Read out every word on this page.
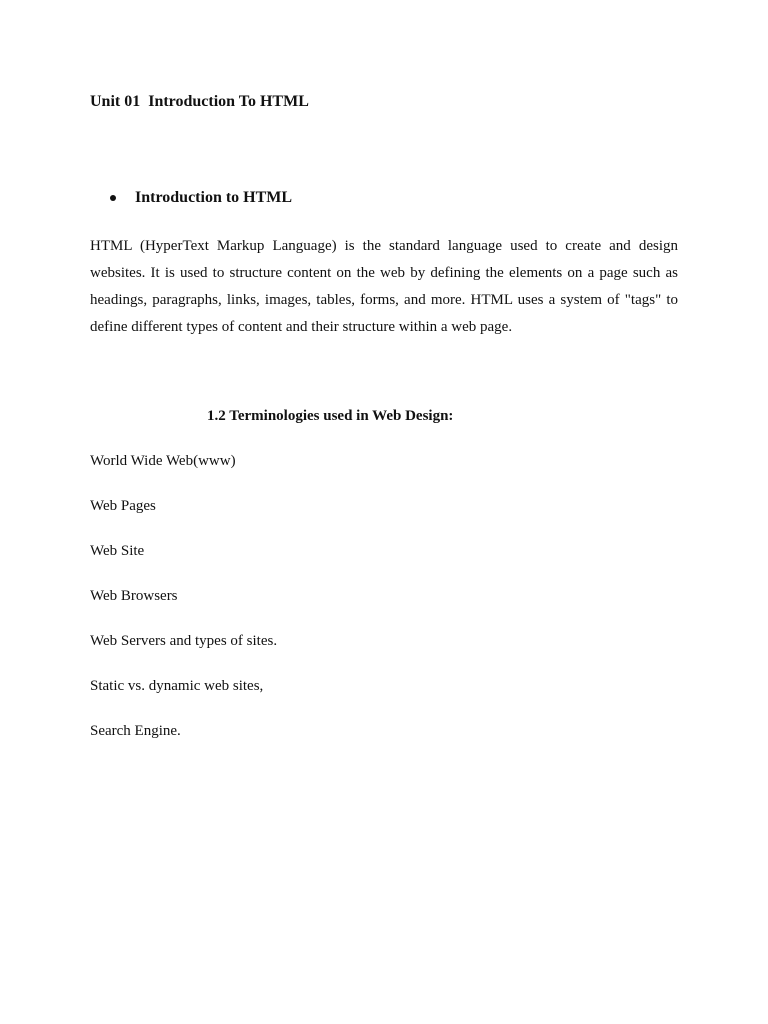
Unit 01  Introduction To HTML
Introduction to HTML

HTML (HyperText Markup Language) is the standard language used to create and design websites. It is used to structure content on the web by defining the elements on a page such as headings, paragraphs, links, images, tables, forms, and more. HTML uses a system of "tags" to define different types of content and their structure within a web page.

1.2 Terminologies used in Web Design:
World Wide Web(www)
Web Pages
Web Site
Web Browsers
Web Servers and types of sites.
Static vs. dynamic web sites,
Search Engine.
